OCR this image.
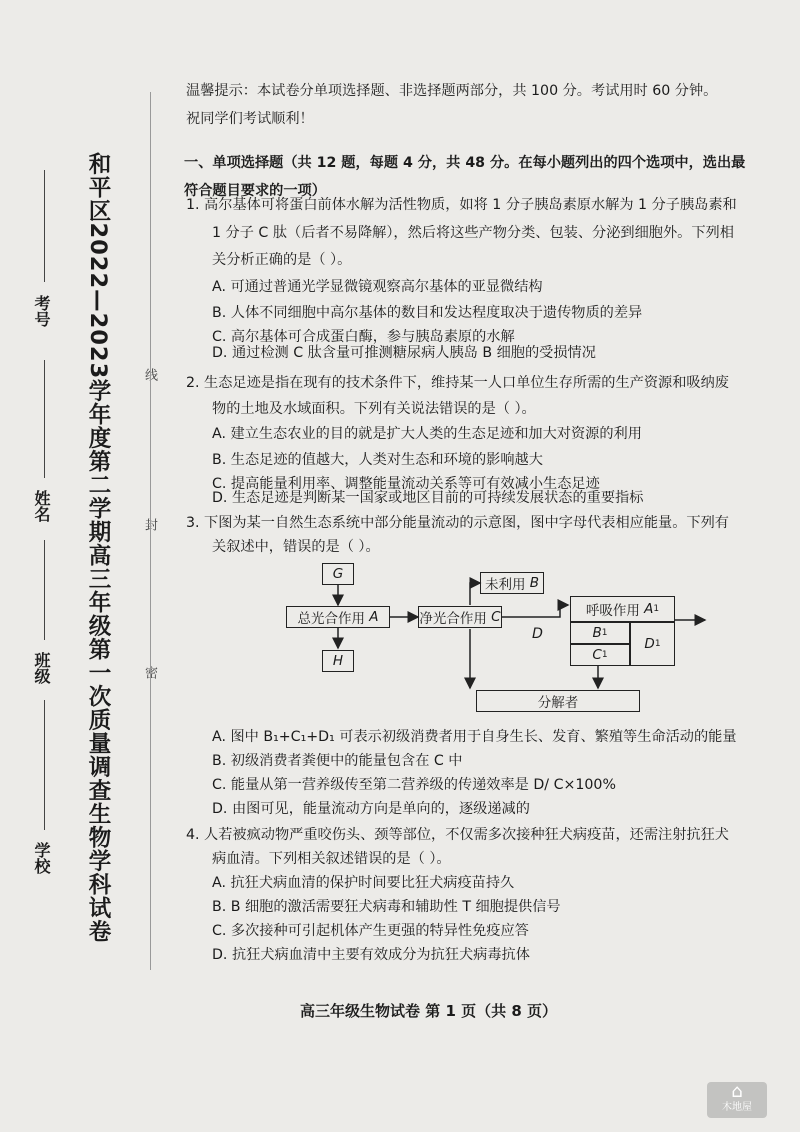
和平区2022—2023学年度第二学期高三年级第一次质量调查生物学科试卷
学校
班级
姓名
考号
线
封
密
温馨提示：本试卷分单项选择题、非选择题两部分，共 100 分。考试用时 60 分钟。
祝同学们考试顺利！
一、单项选择题（共 12 题，每题 4 分，共 48 分。在每小题列出的四个选项中，选出最
符合题目要求的一项）
1. 高尔基体可将蛋白前体水解为活性物质，如将 1 分子胰岛素原水解为 1 分子胰岛素和
1 分子 C 肽（后者不易降解），然后将这些产物分类、包装、分泌到细胞外。下列相
关分析正确的是（ ）。
A. 可通过普通光学显微镜观察高尔基体的亚显微结构
B. 人体不同细胞中高尔基体的数目和发达程度取决于遗传物质的差异
C. 高尔基体可合成蛋白酶，参与胰岛素原的水解
D. 通过检测 C 肽含量可推测糖尿病人胰岛 B 细胞的受损情况
2. 生态足迹是指在现有的技术条件下，维持某一人口单位生存所需的生产资源和吸纳废
物的土地及水域面积。下列有关说法错误的是（ ）。
A. 建立生态农业的目的就是扩大人类的生态足迹和加大对资源的利用
B. 生态足迹的值越大，人类对生态和环境的影响越大
C. 提高能量利用率、调整能量流动关系等可有效减小生态足迹
D. 生态足迹是判断某一国家或地区目前的可持续发展状态的重要指标
3. 下图为某一自然生态系统中部分能量流动的示意图，图中字母代表相应能量。下列有
关叙述中，错误的是（ ）。
G
总光合作用
A
H
净光合作用
C
未利用
B
呼吸作用
A 1
B 1
C 1
D 1
D
分解者
A. 图中 B₁+C₁+D₁ 可表示初级消费者用于自身生长、发育、繁殖等生命活动的能量
B. 初级消费者粪便中的能量包含在 C 中
C. 能量从第一营养级传至第二营养级的传递效率是 D/ C×100%
D. 由图可见，能量流动方向是单向的，逐级递减的
4. 人若被疯动物严重咬伤头、颈等部位，不仅需多次接种狂犬病疫苗，还需注射抗狂犬
病血清。下列相关叙述错误的是（ ）。
A. 抗狂犬病血清的保护时间要比狂犬病疫苗持久
B. B 细胞的激活需要狂犬病毒和辅助性 T 细胞提供信号
C. 多次接种可引起机体产生更强的特异性免疫应答
D. 抗狂犬病血清中主要有效成分为抗狂犬病毒抗体
高三年级生物试卷 第 1 页（共 8 页）
⌂
木地屋
